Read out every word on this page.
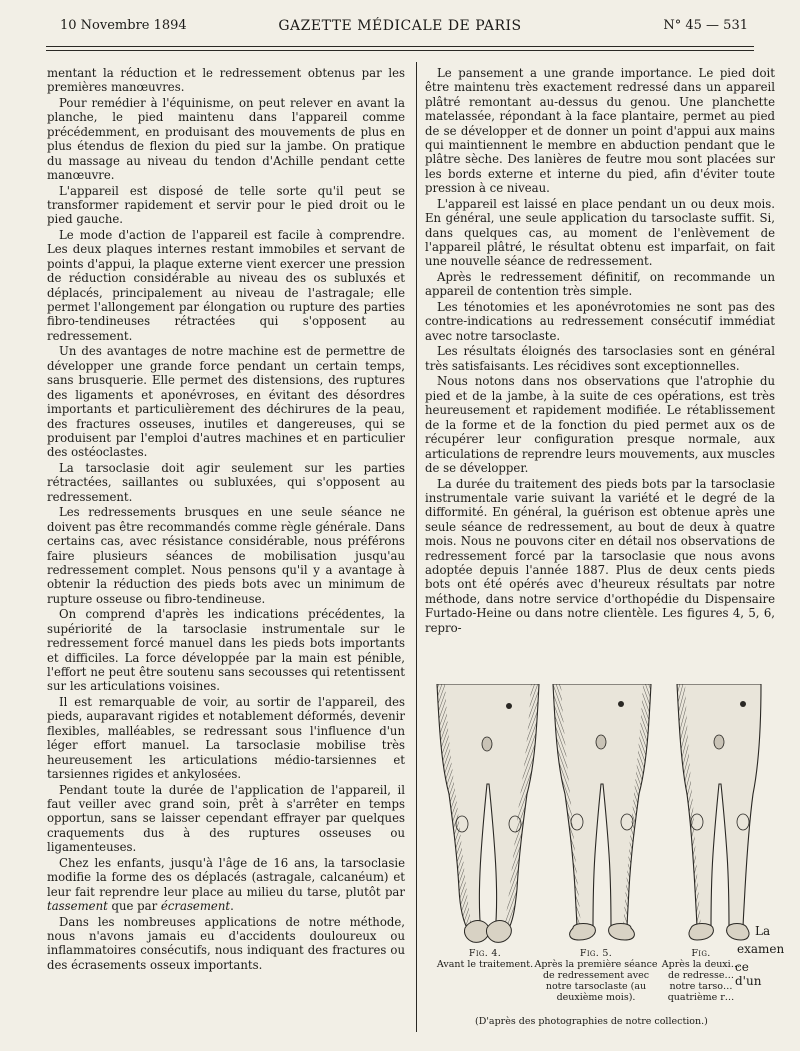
10 Novembre 1894	GAZETTE MÉDICALE DE PARIS	N° 45 — 531

mentant la réduction et le redressement obtenus par les premières manœuvres.

Pour remédier à l'équinisme, on peut relever en avant la planche, le pied maintenu dans l'appareil comme précédemment, en produisant des mouvements de plus en plus étendus de flexion du pied sur la jambe. On pratique du massage au niveau du tendon d'Achille pendant cette manœuvre.

L'appareil est disposé de telle sorte qu'il peut se transformer rapidement et servir pour le pied droit ou le pied gauche.

Le mode d'action de l'appareil est facile à comprendre. Les deux plaques internes restant immobiles et servant de points d'appui, la plaque externe vient exercer une pression de réduction considérable au niveau des os subluxés et déplacés, principalement au niveau de l'astragale; elle permet l'allongement par élongation ou rupture des parties fibro-tendineuses rétractées qui s'opposent au redressement.

Un des avantages de notre machine est de permettre de développer une grande force pendant un certain temps, sans brusquerie. Elle permet des distensions, des ruptures des ligaments et aponévroses, en évitant des désordres importants et particulièrement des déchirures de la peau, des fractures osseuses, inutiles et dangereuses, qui se produisent par l'emploi d'autres machines et en particulier des ostéoclastes.

La tarsoclasie doit agir seulement sur les parties rétractées, saillantes ou subluxées, qui s'opposent au redressement.

Les redressements brusques en une seule séance ne doivent pas être recommandés comme règle générale. Dans certains cas, avec résistance considérable, nous préférons faire plusieurs séances de mobilisation jusqu'au redressement complet. Nous pensons qu'il y a avantage à obtenir la réduction des pieds bots avec un minimum de rupture osseuse ou fibro-tendineuse.

On comprend d'après les indications précédentes, la supériorité de la tarsoclasie instrumentale sur le redressement forcé manuel dans les pieds bots importants et difficiles. La force développée par la main est pénible, l'effort ne peut être soutenu sans secousses qui retentissent sur les articulations voisines.

Il est remarquable de voir, au sortir de l'appareil, des pieds, auparavant rigides et notablement déformés, devenir flexibles, malléables, se redressant sous l'influence d'un léger effort manuel. La tarsoclasie mobilise très heureusement les articulations médio-tarsiennes et tarsiennes rigides et ankylosées.

Pendant toute la durée de l'application de l'appareil, il faut veiller avec grand soin, prêt à s'arrêter en temps opportun, sans se laisser cependant effrayer par quelques craquements dus à des ruptures osseuses ou ligamenteuses.

Chez les enfants, jusqu'à l'âge de 16 ans, la tarsoclasie modifie la forme des os déplacés (astragale, calcanéum) et leur fait reprendre leur place au milieu du tarse, plutôt par tassement que par écrasement.

Dans les nombreuses applications de notre méthode, nous n'avons jamais eu d'accidents douloureux ou inflammatoires consécutifs, nous indiquant des fractures ou des écrasements osseux importants.

Le pansement a une grande importance. Le pied doit être maintenu très exactement redressé dans un appareil plâtré remontant au-dessus du genou. Une planchette matelassée, répondant à la face plantaire, permet au pied de se développer et de donner un point d'appui aux mains qui maintiennent le membre en abduction pendant que le plâtre sèche. Des lanières de feutre mou sont placées sur les bords externe et interne du pied, afin d'éviter toute pression à ce niveau.

L'appareil est laissé en place pendant un ou deux mois. En général, une seule application du tarsoclaste suffit. Si, dans quelques cas, au moment de l'enlèvement de l'appareil plâtré, le résultat obtenu est imparfait, on fait une nouvelle séance de redressement.

Après le redressement définitif, on recommande un appareil de contention très simple.

Les ténotomies et les aponévrotomies ne sont pas des contre-indications au redressement consécutif immédiat avec notre tarsoclaste.

Les résultats éloignés des tarsoclasies sont en général très satisfaisants. Les récidives sont exceptionnelles.

Nous notons dans nos observations que l'atrophie du pied et de la jambe, à la suite de ces opérations, est très heureusement et rapidement modifiée. Le rétablissement de la forme et de la fonction du pied permet aux os de récupérer leur configuration presque normale, aux articulations de reprendre leurs mouvements, aux muscles de se développer.

La durée du traitement des pieds bots par la tarsoclasie instrumentale varie suivant la variété et le degré de la difformité. En général, la guérison est obtenue après une seule séance de redressement, au bout de deux à quatre mois. Nous ne pouvons citer en détail nos observations de redressement forcé par la tarsoclasie que nous avons adoptée depuis l'année 1887. Plus de deux cents pieds bots ont été opérés avec d'heureux résultats par notre méthode, dans notre service d'orthopédie du Dispensaire Furtado-Heine ou dans notre clientèle. Les figures 4, 5, 6, repro-

Fig. 4.
Avant le traitement.
Fig. 5.
Après la première séance de redressement avec notre tarsoclaste (au deuxième mois).
Fig.
Après la deuxi… de redresse… notre tarso… quatrième r…
La
examen
ce d'un
(D'après des photographies de notre collection.)
